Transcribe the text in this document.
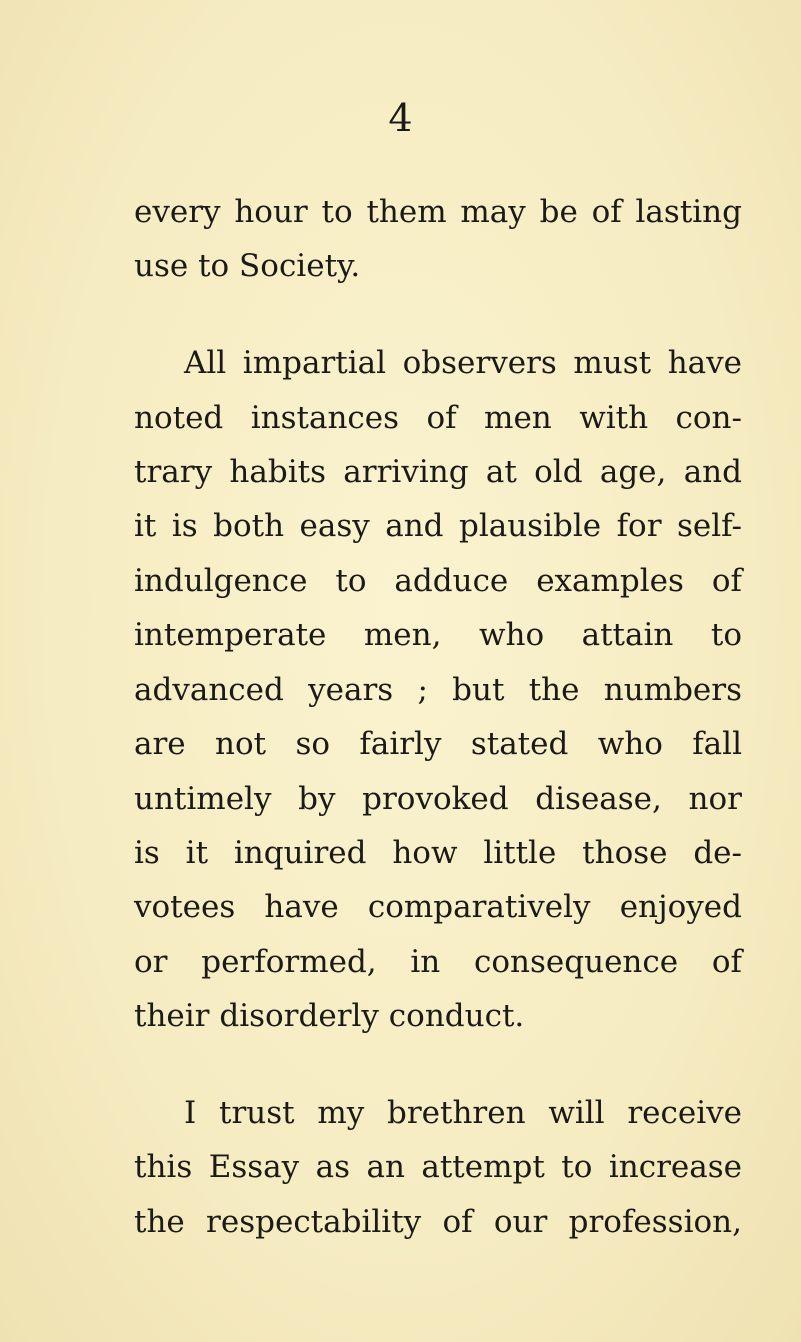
4
every hour to them may be of lasting
use to Society.
All impartial observers must have
noted instances of men with con-
trary habits arriving at old age, and
it is both easy and plausible for self-
indulgence to adduce examples of
intemperate men, who attain to
advanced years ; but the numbers
are not so fairly stated who fall
untimely by provoked disease, nor
is it inquired how little those de-
votees have comparatively enjoyed
or performed, in consequence of
their disorderly conduct.
I trust my brethren will receive
this Essay as an attempt to increase
the respectability of our profession,
